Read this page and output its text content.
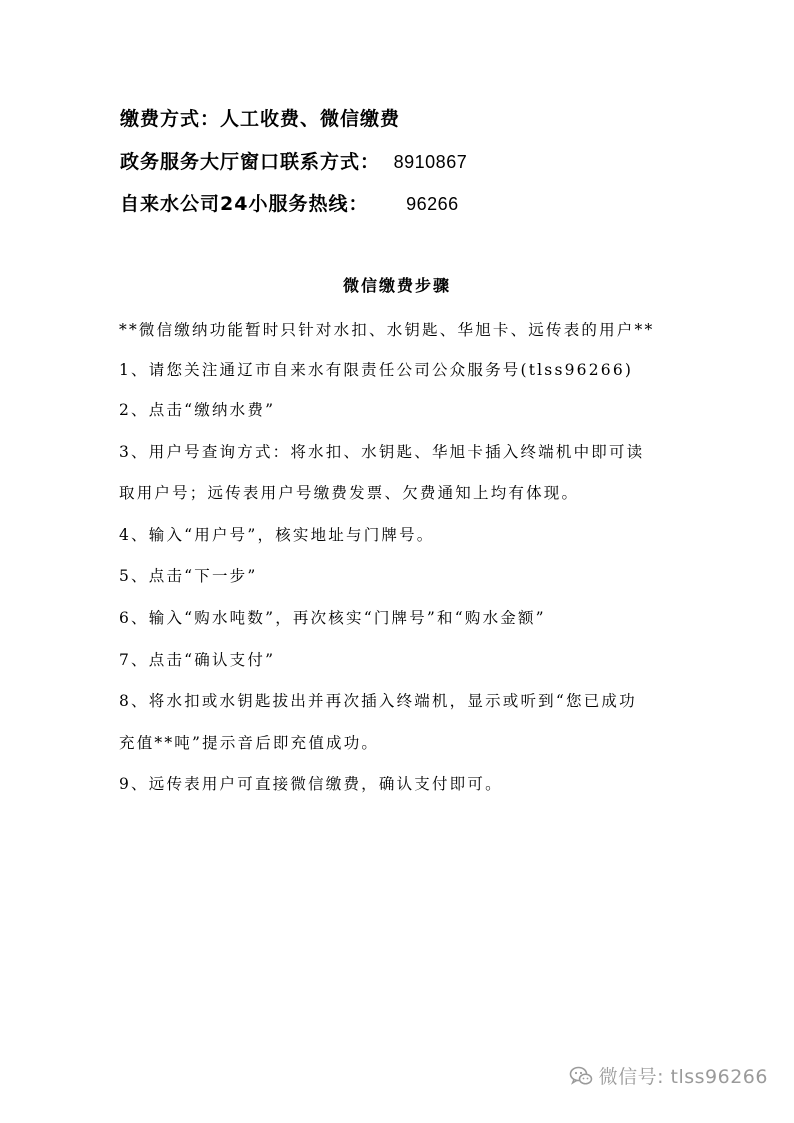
缴费方式：人工收费、微信缴费
政务服务大厅窗口联系方式： 8910867
自来水公司24小服务热线： 96266
微信缴费步骤
**微信缴纳功能暂时只针对水扣、水钥匙、华旭卡、远传表的用户**
1、请您关注通辽市自来水有限责任公司公众服务号(tlss96266)
2、点击“缴纳水费”
3、用户号查询方式：将水扣、水钥匙、华旭卡插入终端机中即可读
取用户号；远传表用户号缴费发票、欠费通知上均有体现。
4、输入“用户号”，核实地址与门牌号。
5、点击“下一步”
6、输入“购水吨数”，再次核实“门牌号”和“购水金额”
7、点击“确认支付”
8、将水扣或水钥匙拔出并再次插入终端机，显示或听到“您已成功
充值**吨”提示音后即充值成功。
9、远传表用户可直接微信缴费，确认支付即可。
微信号: tlss96266
